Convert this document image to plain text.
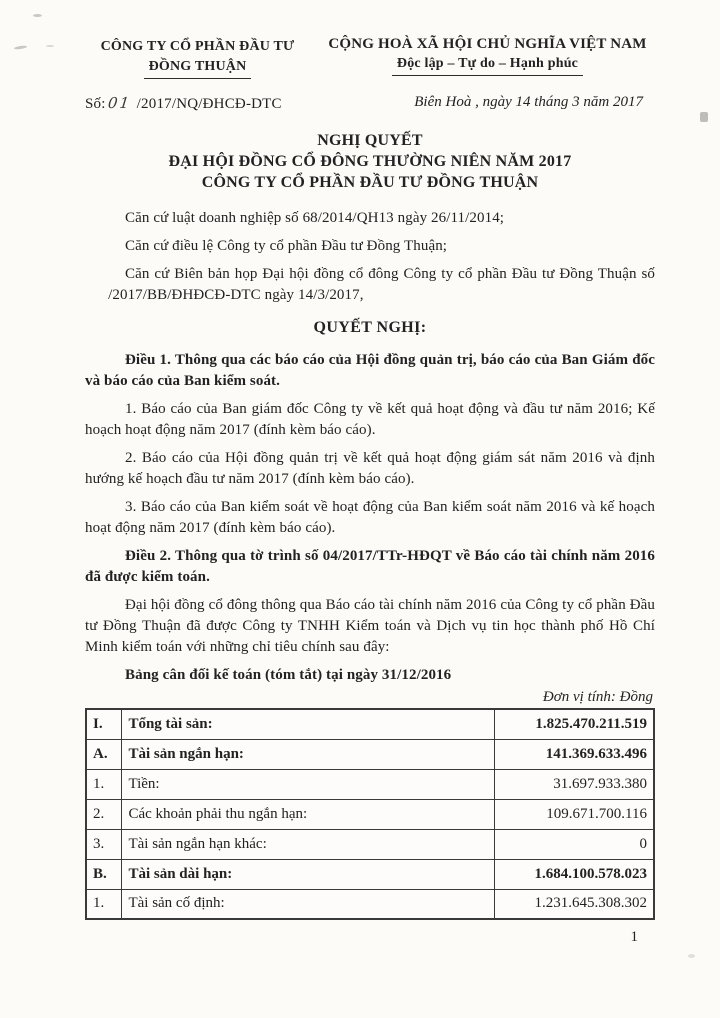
CÔNG TY CỔ PHẦN ĐẦU TƯ
ĐỒNG THUẬN
CỘNG HOÀ XÃ HỘI CHỦ NGHĨA VIỆT NAM
Độc lập – Tự do – Hạnh phúc
Số:01 /2017/NQ/ĐHCĐ-DTC	Biên Hoà , ngày 14 tháng 3 năm 2017
NGHỊ QUYẾT
ĐẠI HỘI ĐỒNG CỔ ĐÔNG THƯỜNG NIÊN NĂM 2017
CÔNG TY CỔ PHẦN ĐẦU TƯ ĐỒNG THUẬN

Căn cứ luật doanh nghiệp số 68/2014/QH13 ngày 26/11/2014;

Căn cứ điều lệ Công ty cổ phần Đầu tư Đồng Thuận;

Căn cứ Biên bản họp Đại hội đồng cổ đông Công ty cổ phần Đầu tư Đồng Thuận số       /2017/BB/ĐHĐCĐ-DTC ngày 14/3/2017,

QUYẾT NGHỊ:

Điều 1. Thông qua các báo cáo của Hội đồng quản trị, báo cáo của Ban Giám đốc và báo cáo của Ban kiểm soát.

1. Báo cáo của Ban giám đốc Công ty về kết quả hoạt động và đầu tư năm 2016; Kế hoạch hoạt động năm 2017 (đính kèm báo cáo).

2. Báo cáo của Hội đồng quản trị về kết quả hoạt động giám sát năm 2016 và định hướng kế hoạch đầu tư năm 2017 (đính kèm báo cáo).

3. Báo cáo của Ban kiểm soát về hoạt động của Ban kiểm soát năm 2016 và kế hoạch hoạt động năm 2017 (đính kèm báo cáo).

Điều 2. Thông qua tờ trình số 04/2017/TTr-HĐQT về Báo cáo tài chính năm 2016 đã được kiểm toán.

Đại hội đồng cổ đông thông qua Báo cáo tài chính năm 2016 của Công ty cổ phần Đầu tư Đồng Thuận đã được Công ty TNHH Kiểm toán và Dịch vụ tin học thành phố Hồ Chí Minh kiểm toán với những chỉ tiêu chính sau đây:

Bảng cân đối kế toán (tóm tắt) tại ngày 31/12/2016

Đơn vị tính: Đồng
I.	Tổng tài sản:	1.825.470.211.519
A.	Tài sản ngắn hạn:	141.369.633.496
1.	Tiền:	31.697.933.380
2.	Các khoản phải thu ngắn hạn:	109.671.700.116
3.	Tài sản ngắn hạn khác:	0
B.	Tài sản dài hạn:	1.684.100.578.023
1.	Tài sản cố định:	1.231.645.308.302
1
